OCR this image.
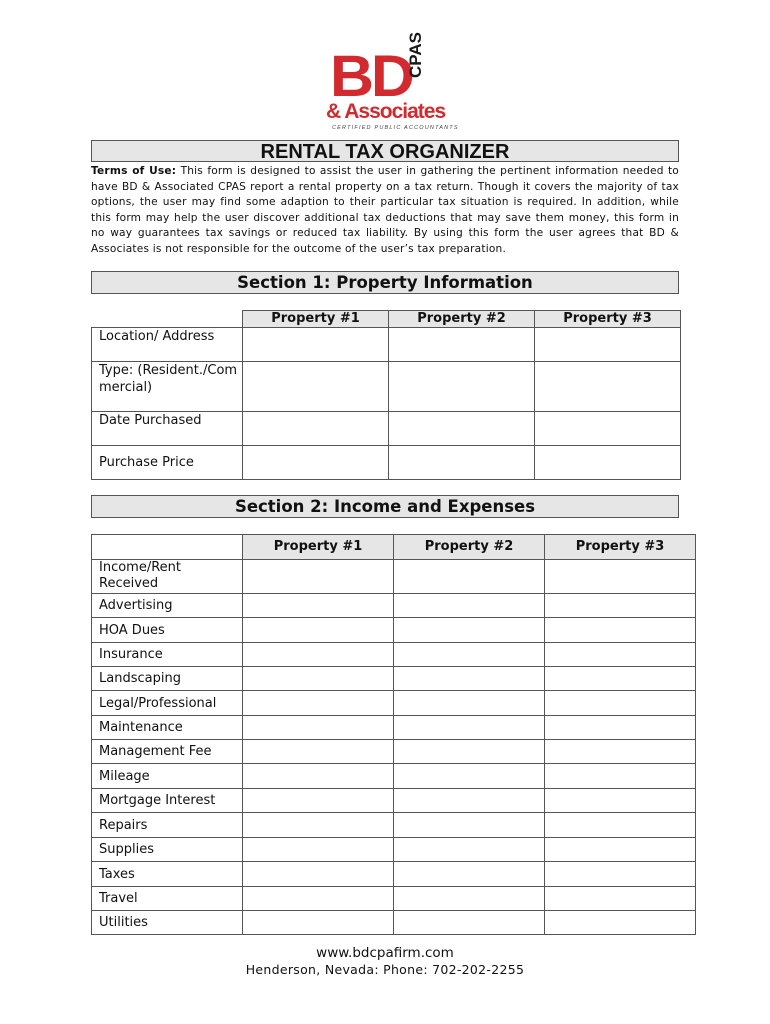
BD
CPAS
& Associates
CERTIFIED PUBLIC ACCOUNTANTS
RENTAL TAX ORGANIZER
Terms of Use: This form is designed to assist the user in gathering the pertinent information needed to have BD & Associated CPAS report a rental property on a tax return. Though it covers the majority of tax options, the user may find some adaption to their particular tax situation is required. In addition, while this form may help the user discover additional tax deductions that may save them money, this form in no way guarantees tax savings or reduced tax liability. By using this form the user agrees that BD & Associates is not responsible for the outcome of the user’s tax preparation.
Section 1: Property Information
	Property #1	Property #2	Property #3
Location/ Address			
Type: (Resident./Commercial)			
Date Purchased			
Purchase Price			
Section 2: Income and Expenses
	Property #1	Property #2	Property #3
Income/Rent Received			
Advertising			
HOA Dues			
Insurance			
Landscaping			
Legal/Professional			
Maintenance			
Management Fee			
Mileage			
Mortgage Interest			
Repairs			
Supplies			
Taxes			
Travel			
Utilities			
www.bdcpafirm.com
Henderson, Nevada: Phone: 702-202-2255
